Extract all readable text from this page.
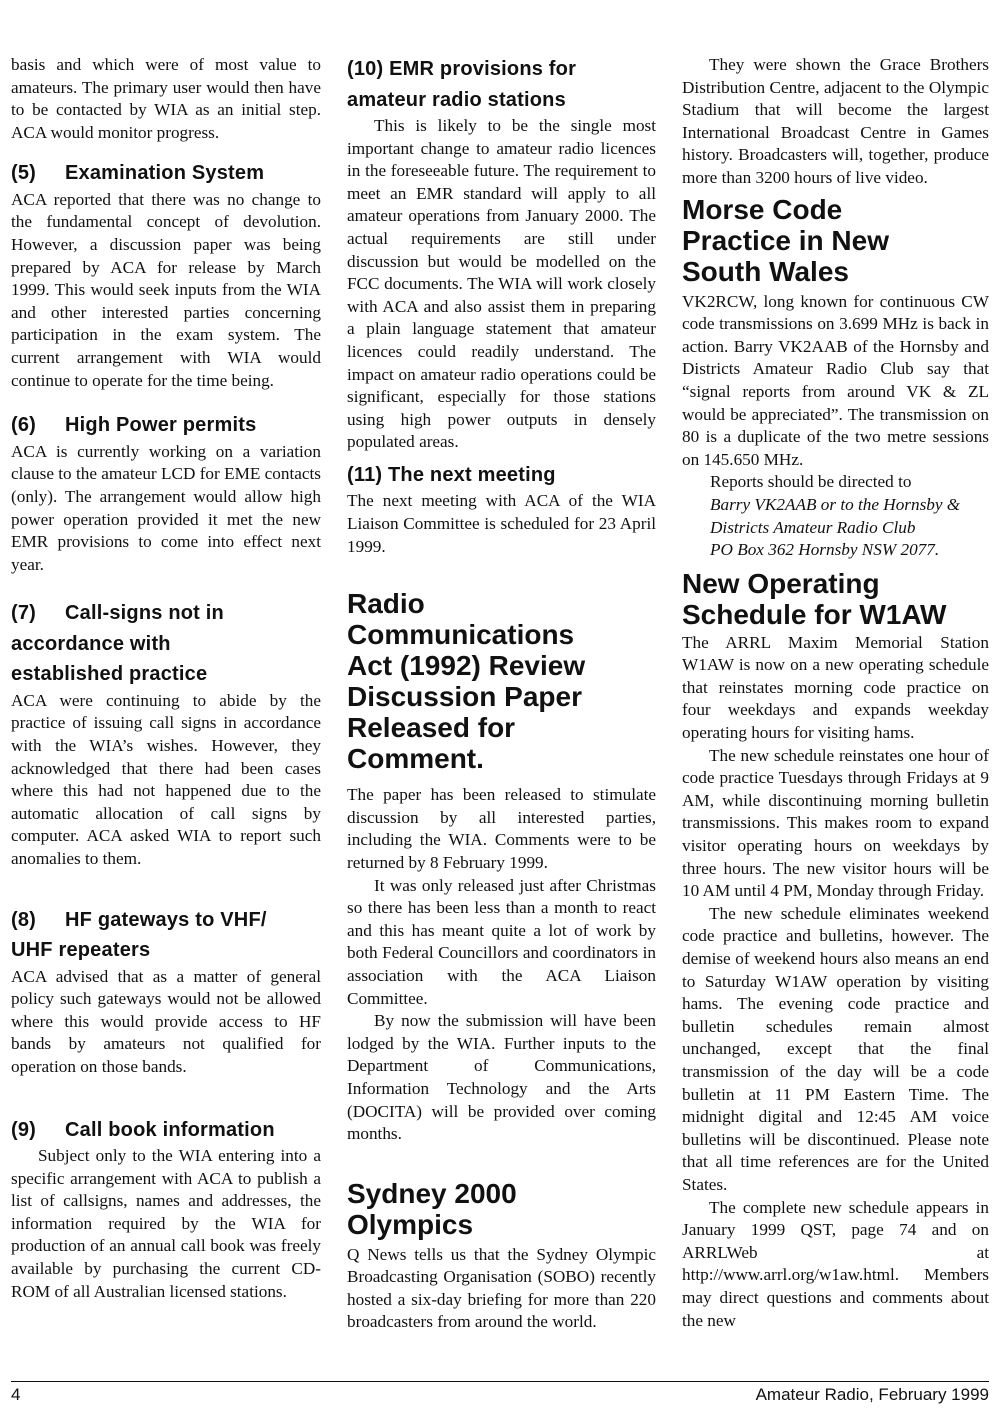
basis and which were of most value to amateurs. The primary user would then have to be contacted by WIA as an initial step. ACA would monitor progress.

(5) Examination System

ACA reported that there was no change to the fundamental concept of devolution. However, a discussion paper was being prepared by ACA for release by March 1999. This would seek inputs from the WIA and other interested parties concerning participation in the exam system. The current arrangement with WIA would continue to operate for the time being.

(6) High Power permits

ACA is currently working on a variation clause to the amateur LCD for EME contacts (only). The arrangement would allow high power operation provided it met the new EMR provisions to come into effect next year.

(7) Call-signs not in
accordance with
established practice

ACA were continuing to abide by the practice of issuing call signs in accordance with the WIA’s wishes. However, they acknowledged that there had been cases where this had not happened due to the automatic allocation of call signs by computer. ACA asked WIA to report such anomalies to them.

(8) HF gateways to VHF/
UHF repeaters

ACA advised that as a matter of general policy such gateways would not be allowed where this would provide access to HF bands by amateurs not qualified for operation on those bands.

(9) Call book information

Subject only to the WIA entering into a specific arrangement with ACA to publish a list of callsigns, names and addresses, the information required by the WIA for production of an annual call book was freely available by purchasing the current CD-ROM of all Australian licensed stations.

(10) EMR provisions for
amateur radio stations

This is likely to be the single most important change to amateur radio licences in the foreseeable future. The requirement to meet an EMR standard will apply to all amateur operations from January 2000. The actual requirements are still under discussion but would be modelled on the FCC documents. The WIA will work closely with ACA and also assist them in preparing a plain language statement that amateur licences could readily understand. The impact on amateur radio operations could be significant, especially for those stations using high power outputs in densely populated areas.

(11) The next meeting

The next meeting with ACA of the WIA Liaison Committee is scheduled for 23 April 1999.

Radio
Communications
Act (1992) Review
Discussion Paper
Released for
Comment.

The paper has been released to stimulate discussion by all interested parties, including the WIA. Comments were to be returned by 8 February 1999.

It was only released just after Christmas so there has been less than a month to react and this has meant quite a lot of work by both Federal Councillors and coordinators in association with the ACA Liaison Committee.

By now the submission will have been lodged by the WIA. Further inputs to the Department of Communications, Information Technology and the Arts (DOCITA) will be provided over coming months.

Sydney 2000
Olympics

Q News tells us that the Sydney Olympic Broadcasting Organisation (SOBO) recently hosted a six-day briefing for more than 220 broadcasters from around the world.

They were shown the Grace Brothers Distribution Centre, adjacent to the Olympic Stadium that will become the largest International Broadcast Centre in Games history. Broadcasters will, together, produce more than 3200 hours of live video.

Morse Code
Practice in New
South Wales

VK2RCW, long known for continuous CW code transmissions on 3.699 MHz is back in action. Barry VK2AAB of the Hornsby and Districts Amateur Radio Club say that “signal reports from around VK & ZL would be appreciated”. The transmission on 80 is a duplicate of the two metre sessions on 145.650 MHz.

Reports should be directed to

Barry VK2AAB or to the Hornsby &

Districts Amateur Radio Club

PO Box 362 Hornsby NSW 2077.

New Operating
Schedule for W1AW

The ARRL Maxim Memorial Station W1AW is now on a new operating schedule that reinstates morning code practice on four weekdays and expands weekday operating hours for visiting hams.

The new schedule reinstates one hour of code practice Tuesdays through Fridays at 9 AM, while discontinuing morning bulletin transmissions. This makes room to expand visitor operating hours on weekdays by three hours. The new visitor hours will be 10 AM until 4 PM, Monday through Friday.

The new schedule eliminates weekend code practice and bulletins, however. The demise of weekend hours also means an end to Saturday W1AW operation by visiting hams. The evening code practice and bulletin schedules remain almost unchanged, except that the final transmission of the day will be a code bulletin at 11 PM Eastern Time. The midnight digital and 12:45 AM voice bulletins will be discontinued. Please note that all time references are for the United States.

The complete new schedule appears in January 1999 QST, page 74 and on ARRLWeb at http://www.arrl.org/w1aw.html. Members may direct questions and comments about the new

4	Amateur Radio, February 1999
